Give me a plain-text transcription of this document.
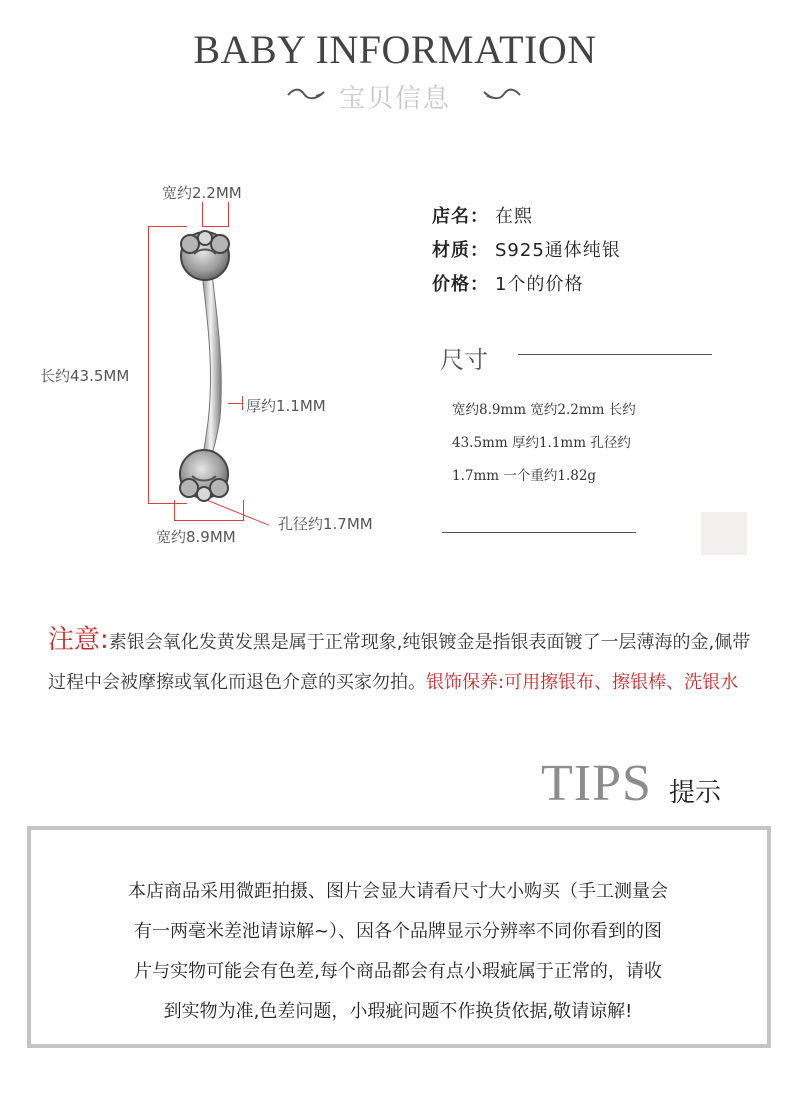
BABY INFORMATION
宝贝信息
宽约2.2MM
长约43.5MM
厚约1.1MM
宽约8.9MM
孔径约1.7MM
店名： 在熙
材质： S925通体纯银
价格： 1个的价格
尺寸
宽约8.9mm 宽约2.2mm 长约
43.5mm 厚约1.1mm 孔径约
1.7mm 一个重约1.82g
注意:素银会氧化发黄发黑是属于正常现象,纯银镀金是指银表面镀了一层薄海的金,佩带过程中会被摩擦或氧化而退色介意的买家勿拍。银饰保养:可用擦银布、擦银棒、洗银水
TIPS 提示
本店商品采用微距拍摄、图片会显大请看尺寸大小购买（手工测量会
有一两毫米差池请谅解~）、因各个品牌显示分辨率不同你看到的图
片与实物可能会有色差,每个商品都会有点小瑕疵属于正常的，请收
到实物为准,色差问题，小瑕疵问题不作换货依据,敬请谅解!
